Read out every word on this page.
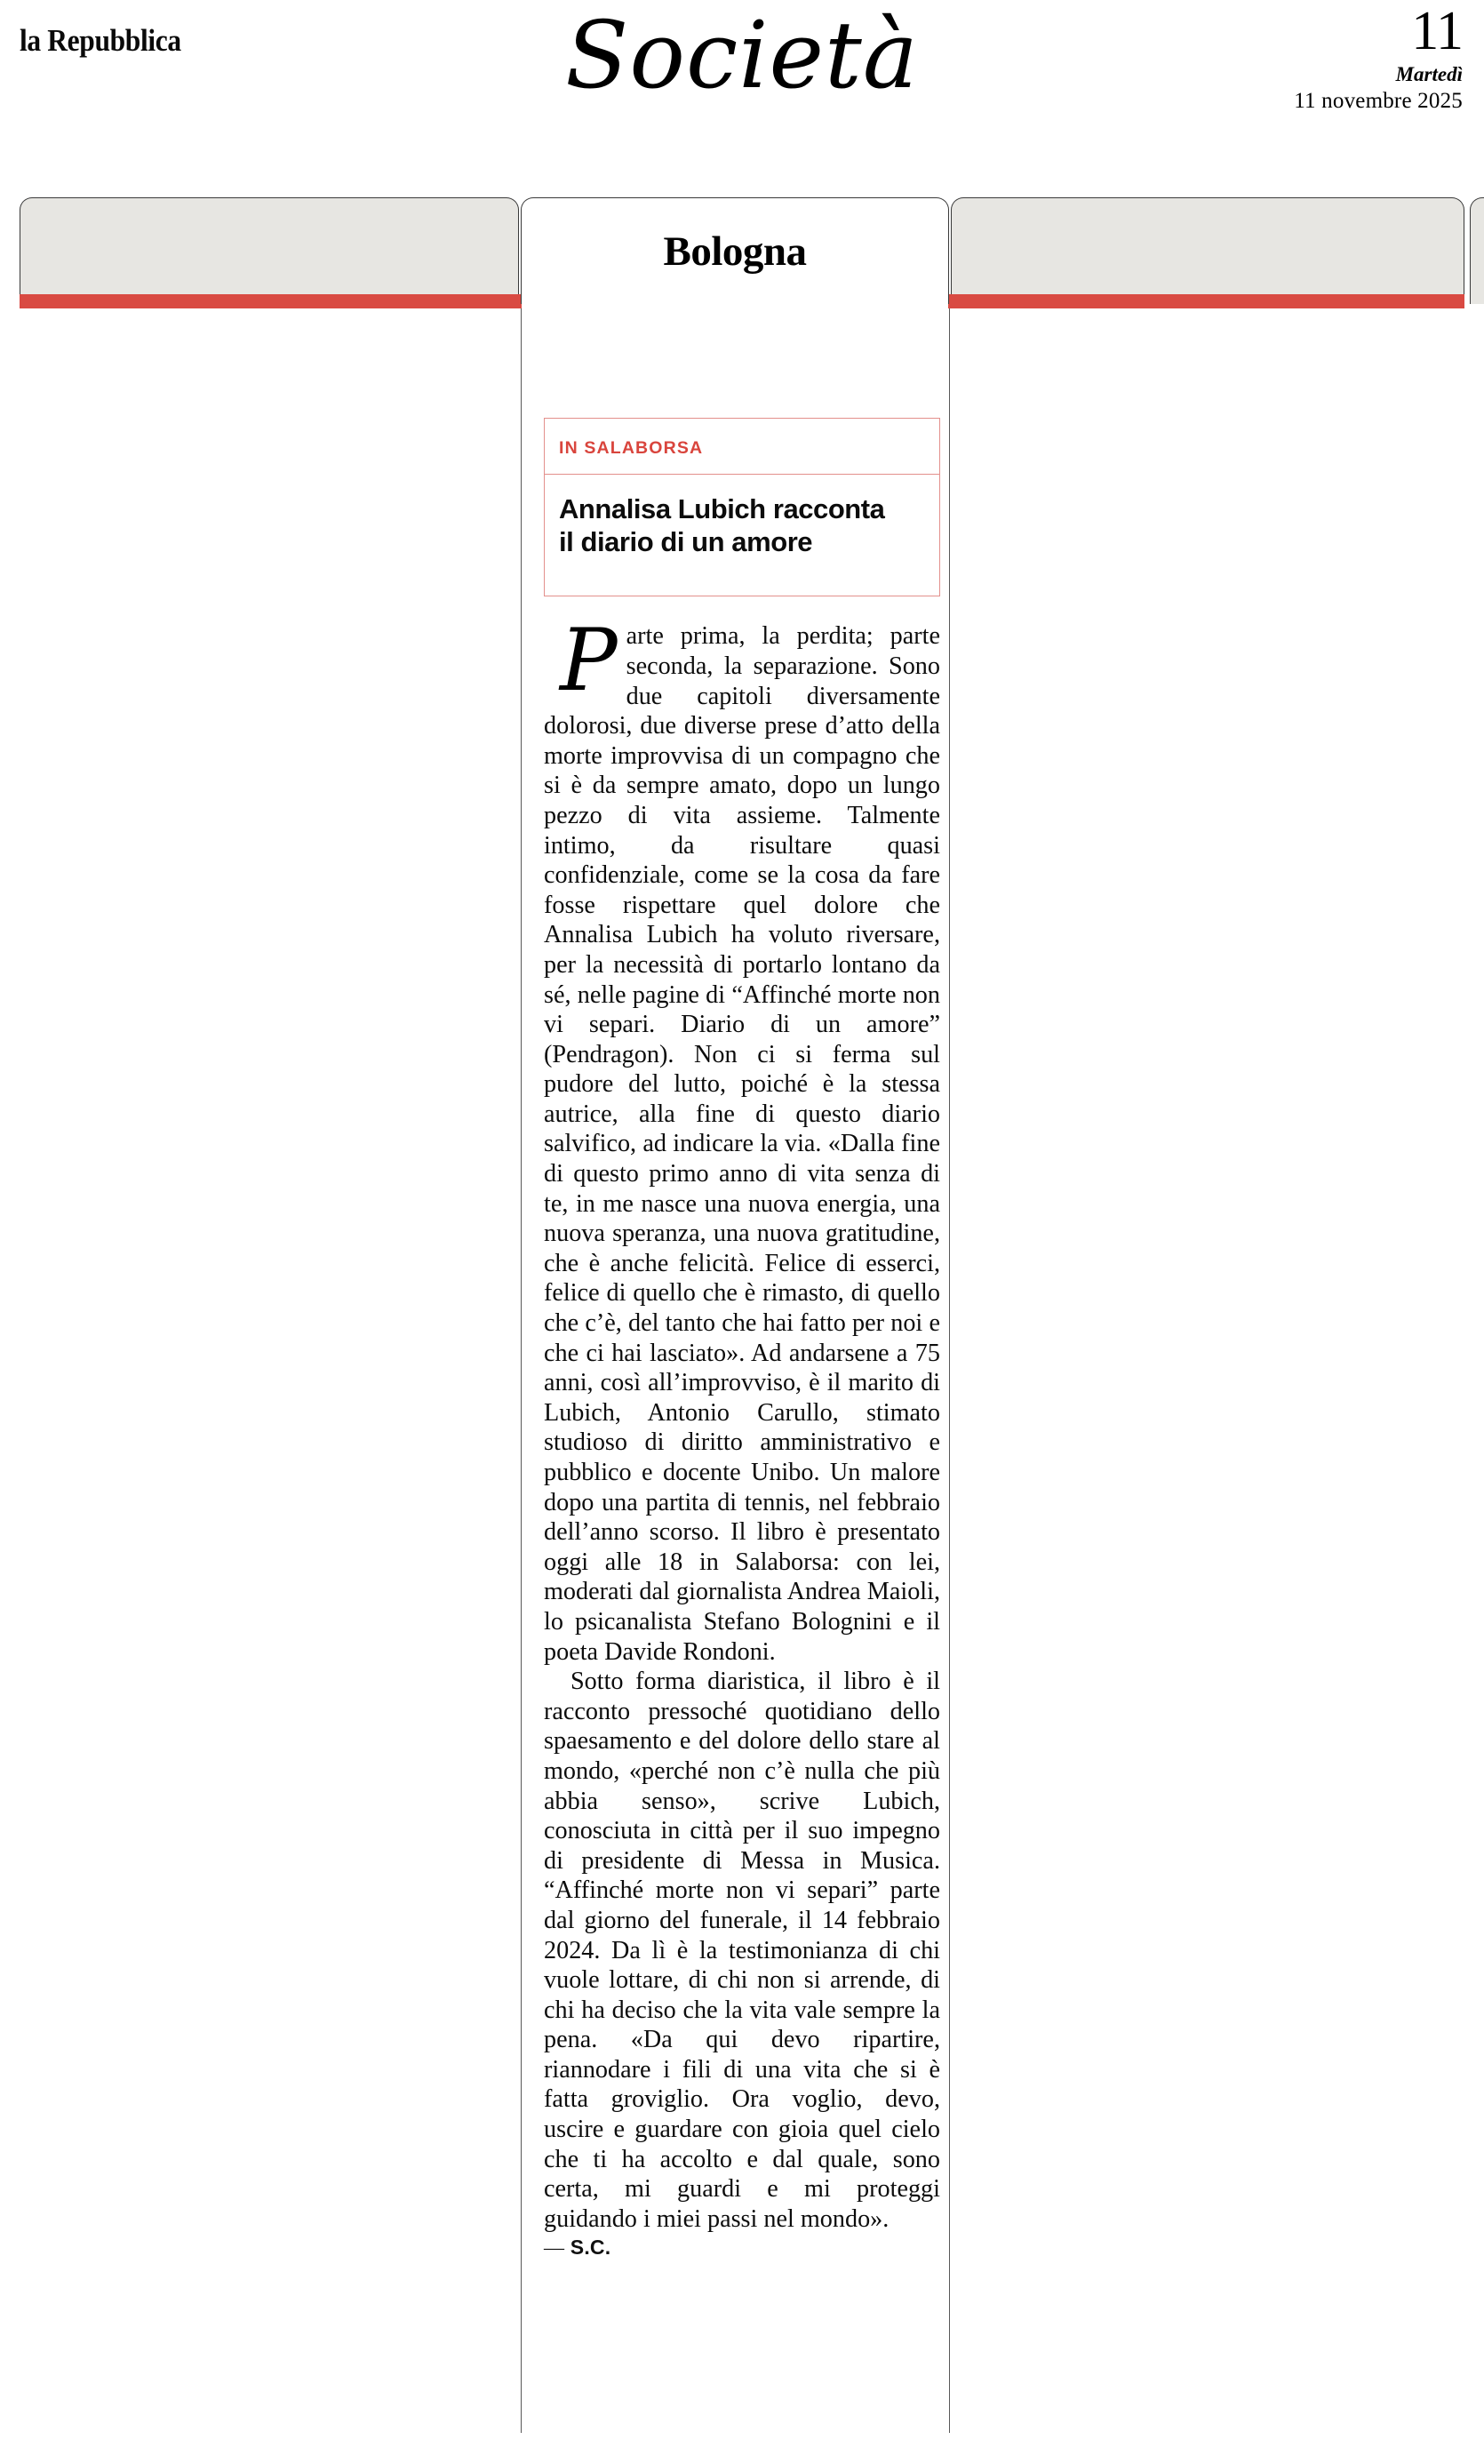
la Repubblica	Società	11
Martedì
11 novembre 2025
Bologna
IN SALABORSA
Annalisa Lubich racconta
il diario di un amore

Parte prima, la perdita; parte seconda, la separazione. Sono due capitoli diversamente dolorosi, due diverse prese d’atto della morte improvvisa di un compagno che si è da sempre amato, dopo un lungo pezzo di vita assieme. Talmente intimo, da risultare quasi confidenziale, come se la cosa da fare fosse rispettare quel dolore che Annalisa Lubich ha voluto riversare, per la necessità di portarlo lontano da sé, nelle pagine di “Affinché morte non vi separi. Diario di un amore” (Pendragon). Non ci si ferma sul pudore del lutto, poiché è la stessa autrice, alla fine di questo diario salvifico, ad indicare la via. «Dalla fine di questo primo anno di vita senza di te, in me nasce una nuova energia, una nuova speranza, una nuova gratitudine, che è anche felicità. Felice di esserci, felice di quello che è rimasto, di quello che c’è, del tanto che hai fatto per noi e che ci hai lasciato». Ad andarsene a 75 anni, così all’improvviso, è il marito di Lubich, Antonio Carullo, stimato studioso di diritto amministrativo e pubblico e docente Unibo. Un malore dopo una partita di tennis, nel febbraio dell’anno scorso. Il libro è presentato oggi alle 18 in Salaborsa: con lei, moderati dal giornalista Andrea Maioli, lo psicanalista Stefano Bolognini e il poeta Davide Rondoni.

Sotto forma diaristica, il libro è il racconto pressoché quotidiano dello spaesamento e del dolore dello stare al mondo, «perché non c’è nulla che più abbia senso», scrive Lubich, conosciuta in città per il suo impegno di presidente di Messa in Musica. “Affinché morte non vi separi” parte dal giorno del funerale, il 14 febbraio 2024. Da lì è la testimonianza di chi vuole lottare, di chi non si arrende, di chi ha deciso che la vita vale sempre la pena. «Da qui devo ripartire, riannodare i fili di una vita che si è fatta groviglio. Ora voglio, devo, uscire e guardare con gioia quel cielo che ti ha accolto e dal quale, sono certa, mi guardi e mi proteggi guidando i miei passi nel mondo».

— S.C.
